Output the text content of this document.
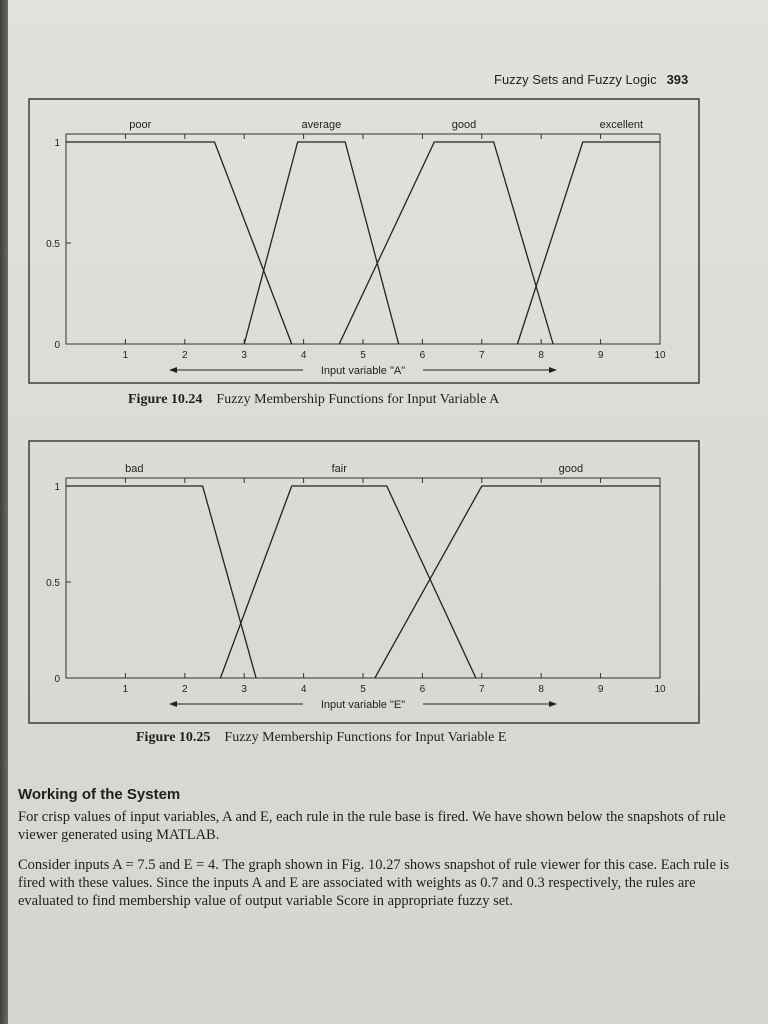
Fuzzy Sets and Fuzzy Logic 393
1	2	3	4	5	6	7	8	9	10
0
0.5
1
poor	average	good	excellent
Input variable "A"
Figure 10.24 Fuzzy Membership Functions for Input Variable A
1	2	3	4	5	6	7	8	9	10
0
0.5
1
bad	fair	good
Input variable "E"
Figure 10.25 Fuzzy Membership Functions for Input Variable E
Working of the System
For crisp values of input variables, A and E, each rule in the rule base is fired. We have shown below the snapshots of rule viewer generated using MATLAB.
Consider inputs A = 7.5 and E = 4. The graph shown in Fig. 10.27 shows snapshot of rule viewer for this case. Each rule is fired with these values. Since the inputs A and E are associated with weights as 0.7 and 0.3 respectively, the rules are evaluated to find membership value of output variable Score in appropriate fuzzy set.
